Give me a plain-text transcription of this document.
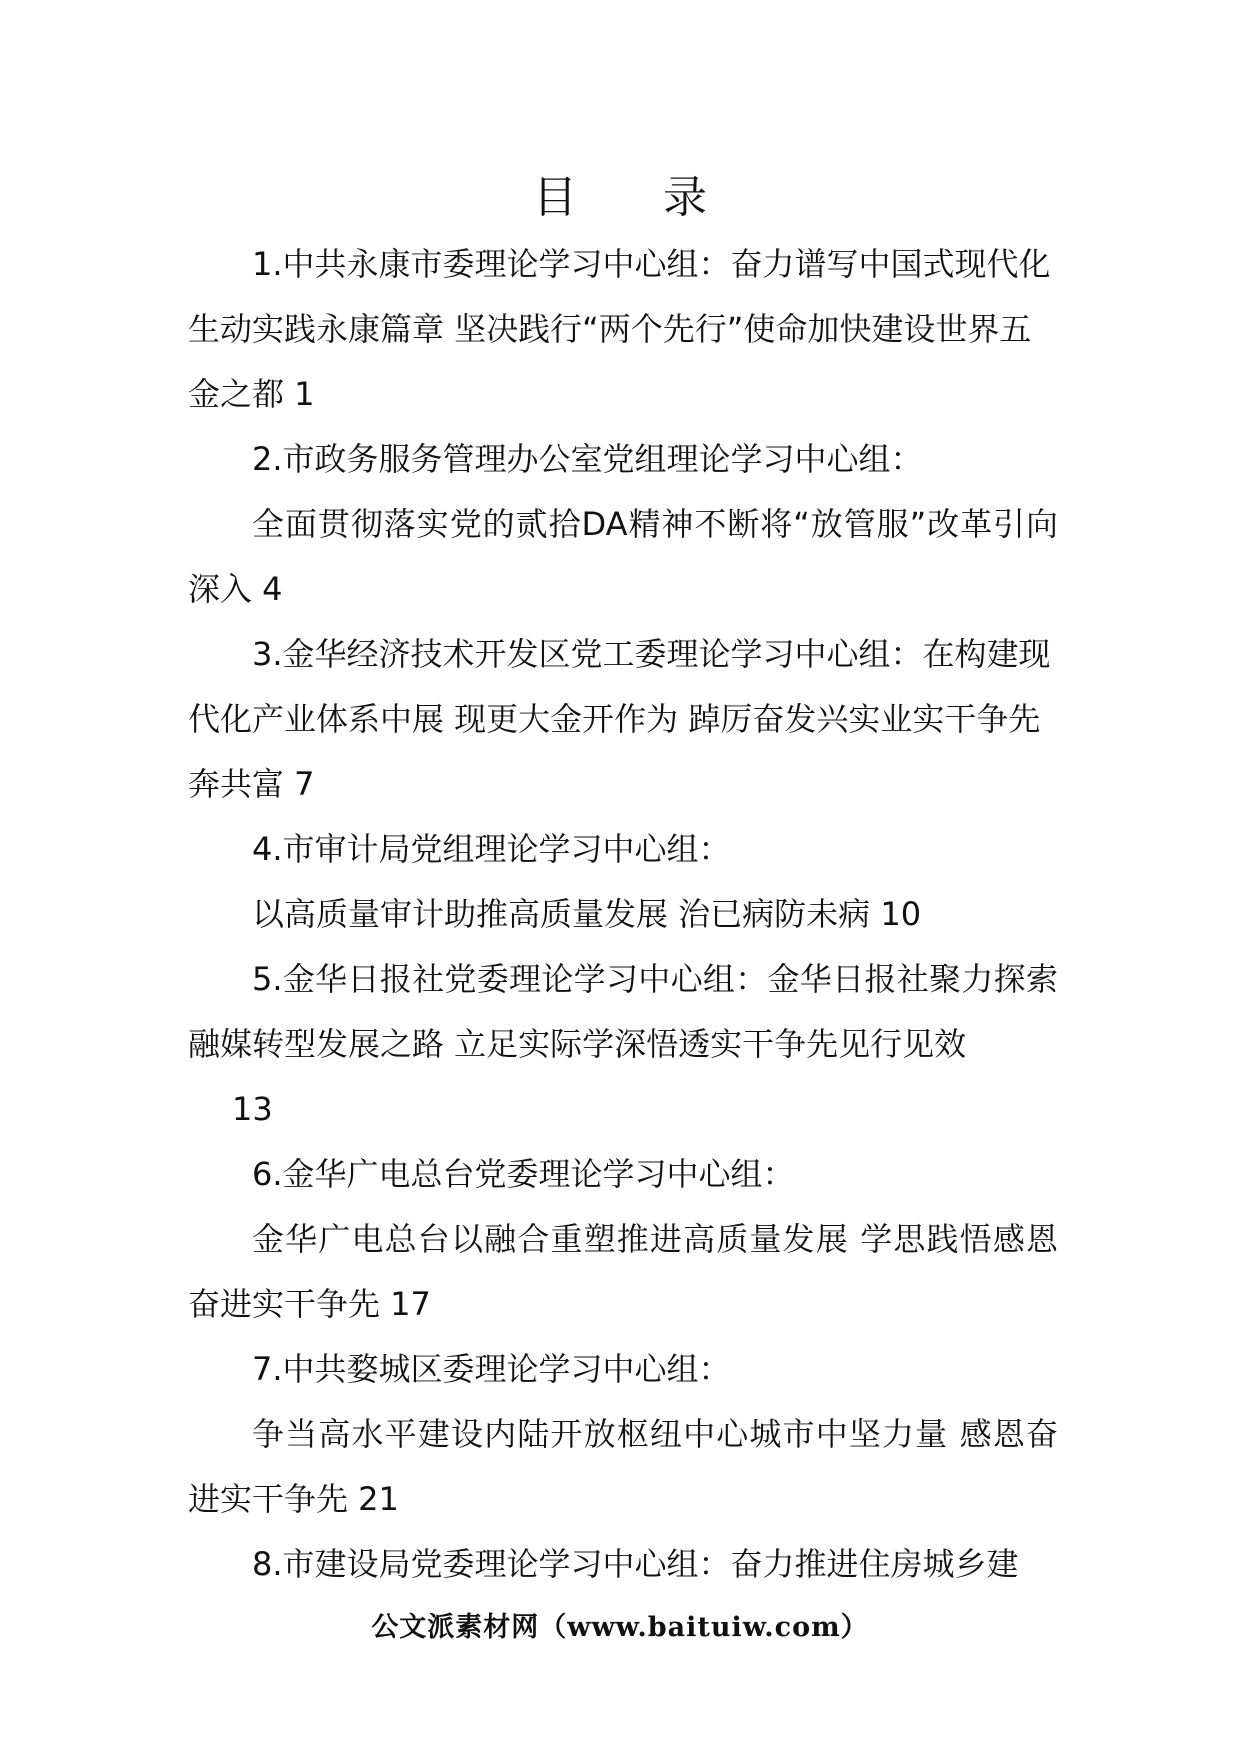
目 录

1.中共永康市委理论学习中心组：奋力谱写中国式现代化生动实践永康篇章 坚决践行“两个先行”使命加快建设世界五金之都 1

2.市政务服务管理办公室党组理论学习中心组：
全面贯彻落实党的贰拾DA精神不断将“放管服”改革引向深入 4

3.金华经济技术开发区党工委理论学习中心组：在构建现代化产业体系中展 现更大金开作为 踔厉奋发兴实业实干争先奔共富 7

4.市审计局党组理论学习中心组：
以高质量审计助推高质量发展 治已病防未病 10

5.金华日报社党委理论学习中心组：金华日报社聚力探索融媒转型发展之路 立足实际学深悟透实干争先见行见效
13

6.金华广电总台党委理论学习中心组：
金华广电总台以融合重塑推进高质量发展 学思践悟感恩奋进实干争先 17

7.中共婺城区委理论学习中心组：
争当高水平建设内陆开放枢纽中心城市中坚力量 感恩奋进实干争先 21

8.市建设局党委理论学习中心组：奋力推进住房城乡建

公文派素材网（www.baituiw.com）
